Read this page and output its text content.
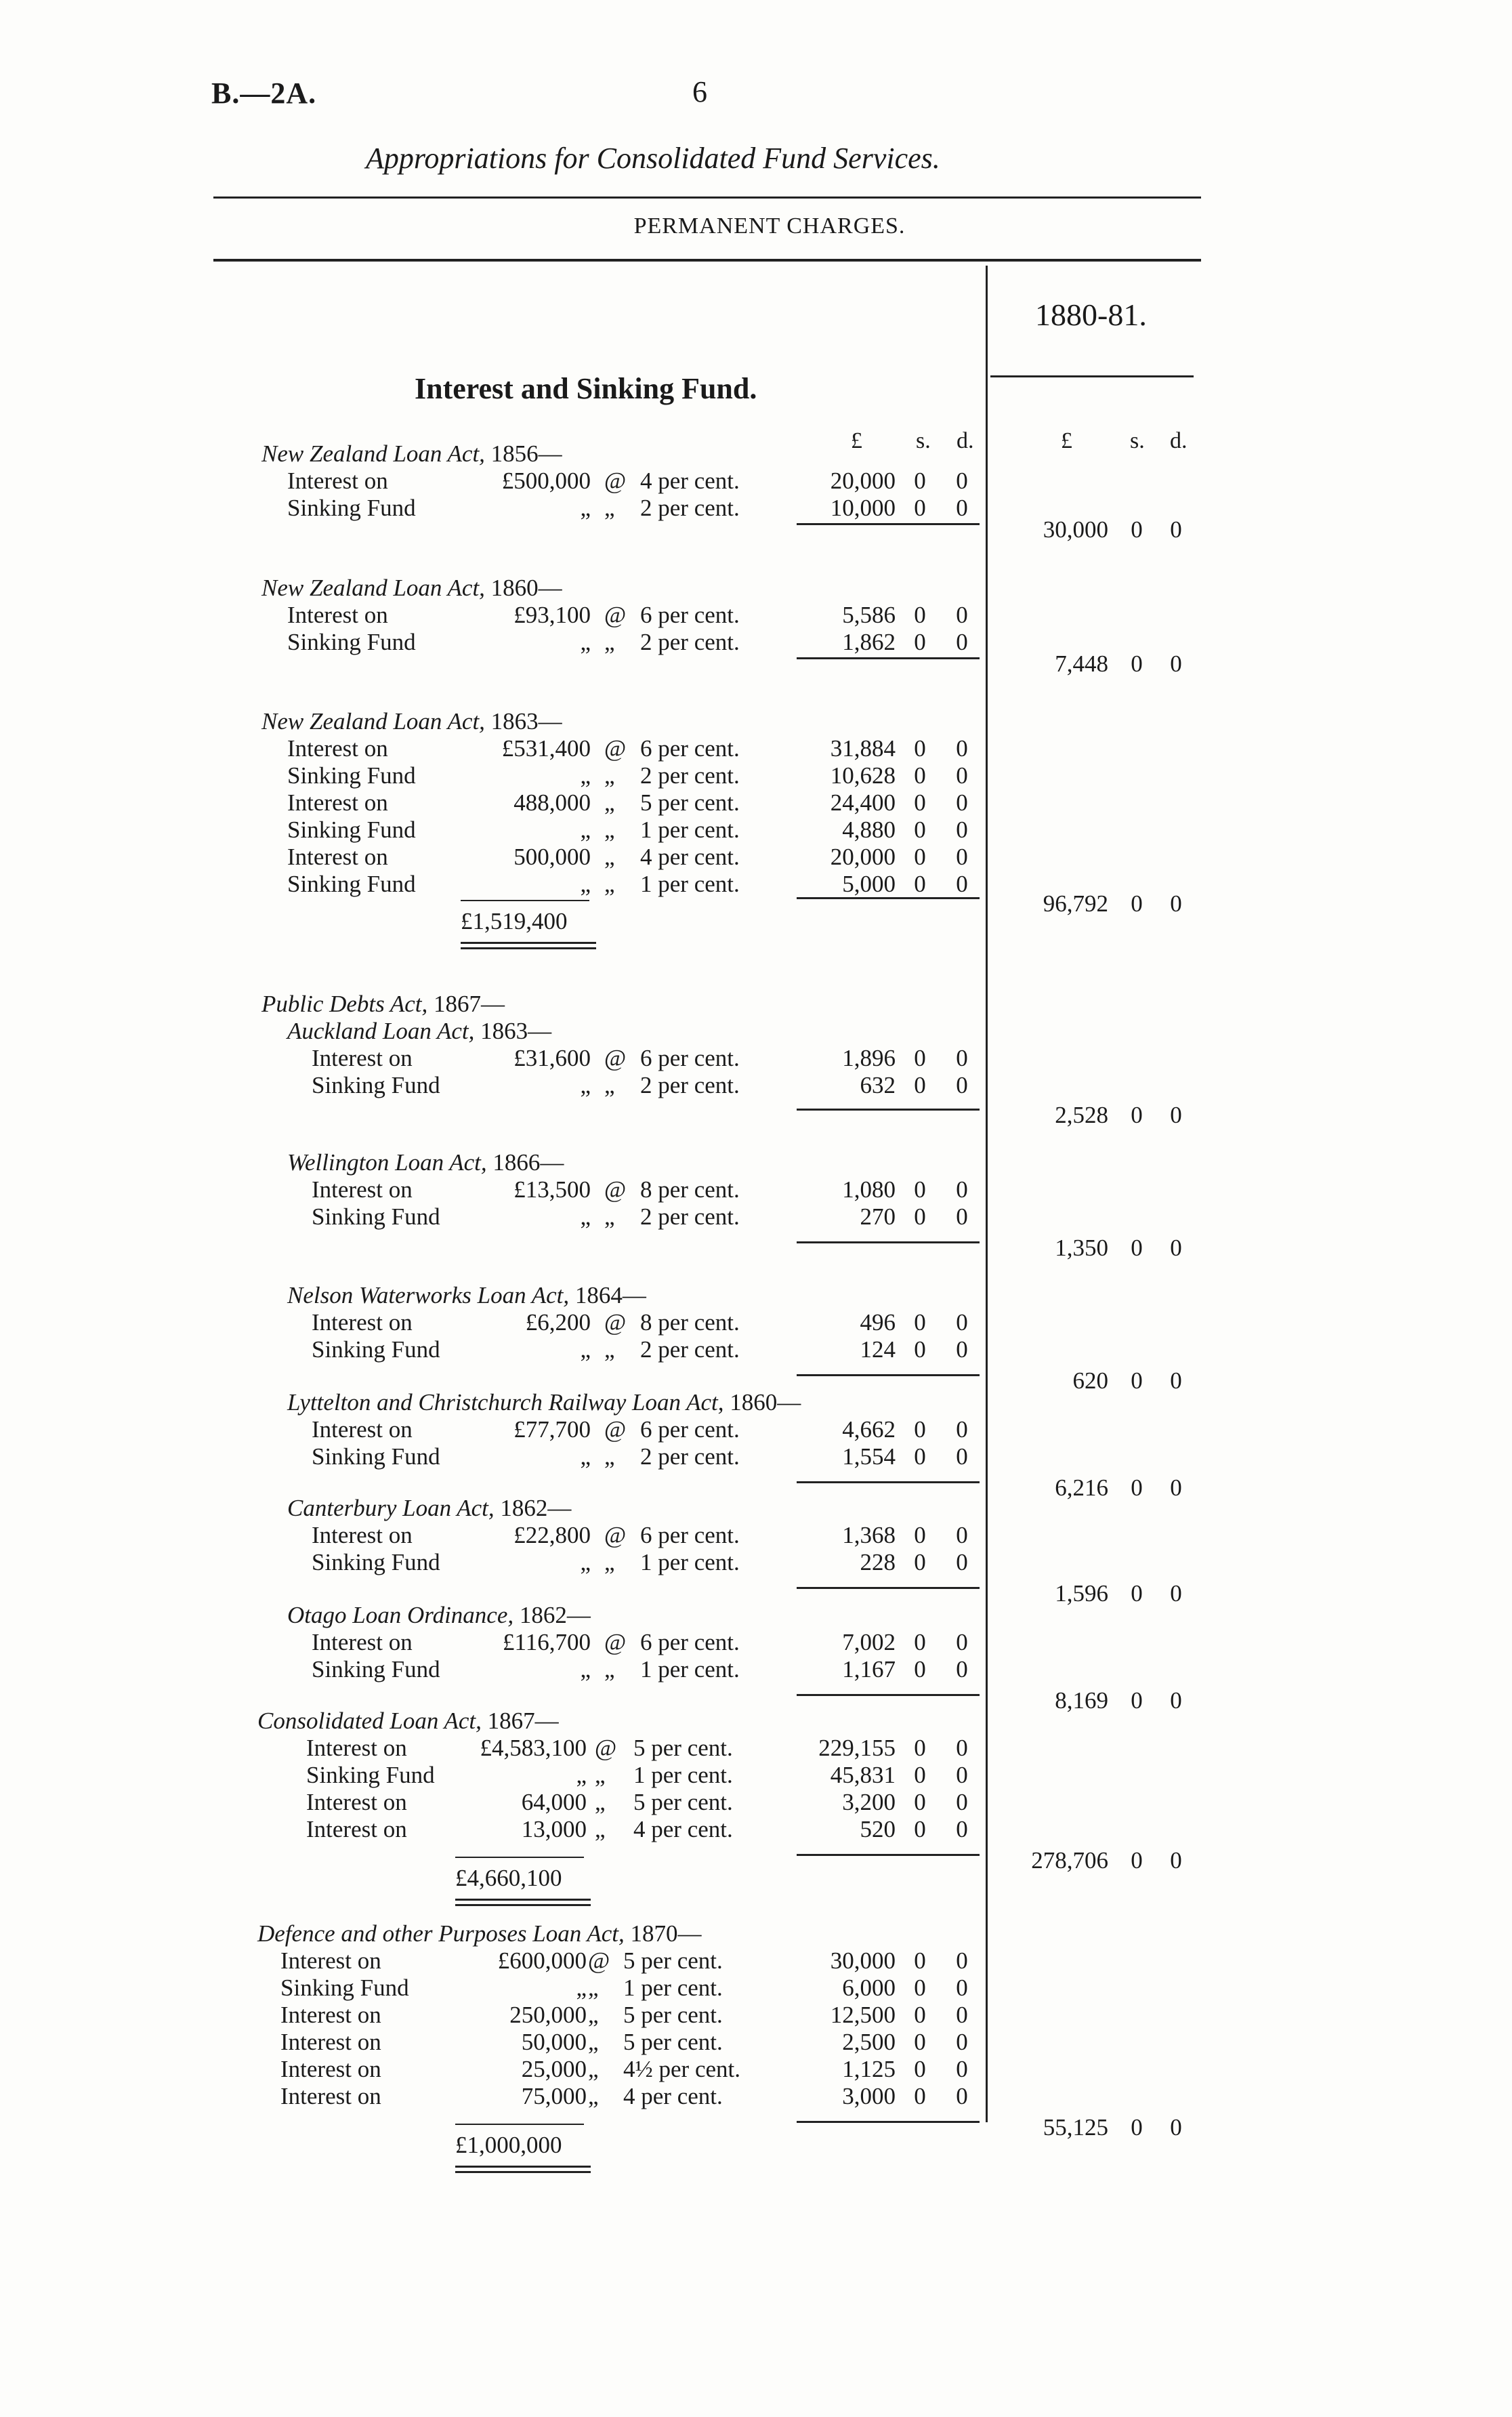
B.—2A.	6
Appropriations for Consolidated Fund Services.
PERMANENT CHARGES.
1880-81.
Interest and Sinking Fund.
£ s. d.	£	s. d.
New Zealand Loan Act, 1856—
Interest on	£500,000 @ 4 per cent.	20,000 0 0
Sinking Fund	„ „ 2 per cent.	10,000 0 0
30,000 0 0
New Zealand Loan Act, 1860—
Interest on	£93,100 @ 6 per cent.	5,586 0 0
Sinking Fund	„ „ 2 per cent.	1,862 0 0
7,448 0 0
New Zealand Loan Act, 1863—
Interest on	£531,400 @ 6 per cent.	31,884 0 0
Sinking Fund	„ „ 2 per cent.	10,628 0 0
Interest on	488,000 „ 5 per cent.	24,400 0 0
Sinking Fund	„ „ 1 per cent.	4,880 0 0
Interest on	500,000 „ 4 per cent.	20,000 0 0
Sinking Fund	„ „ 1 per cent.	5,000 0 0
£1,519,400
96,792 0 0
Public Debts Act, 1867—
Auckland Loan Act, 1863—
Interest on	£31,600 @ 6 per cent.	1,896 0 0
Sinking Fund	„ „ 2 per cent.	632 0 0
2,528 0 0
Wellington Loan Act, 1866—
Interest on	£13,500 @ 8 per cent.	1,080 0 0
Sinking Fund	„ „ 2 per cent.	270 0 0
1,350 0 0
Nelson Waterworks Loan Act, 1864—
Interest on	£6,200 @ 8 per cent.	496 0 0
Sinking Fund	„ „ 2 per cent.	124 0 0
620 0 0
Lyttelton and Christchurch Railway Loan Act, 1860—
Interest on	£77,700 @ 6 per cent.	4,662 0 0
Sinking Fund	„ „ 2 per cent.	1,554 0 0
6,216 0 0
Canterbury Loan Act, 1862—
Interest on	£22,800 @ 6 per cent.	1,368 0 0
Sinking Fund	„ „ 1 per cent.	228 0 0
1,596 0 0
Otago Loan Ordinance, 1862—
Interest on	£116,700 @ 6 per cent.	7,002 0 0
Sinking Fund	„ „ 1 per cent.	1,167 0 0
8,169 0 0
Consolidated Loan Act, 1867—
Interest on	£4,583,100 @ 5 per cent.	229,155 0 0
Sinking Fund	„ „ 1 per cent.	45,831 0 0
Interest on	64,000 „ 5 per cent.	3,200 0 0
Interest on	13,000 „ 4 per cent.	520 0 0
£4,660,100
278,706 0 0
Defence and other Purposes Loan Act, 1870—
Interest on	£600,000 @ 5 per cent.	30,000 0 0
Sinking Fund	„ „ 1 per cent.	6,000 0 0
Interest on	250,000 „ 5 per cent.	12,500 0 0
Interest on	50,000 „ 5 per cent.	2,500 0 0
Interest on	25,000 „ 4½ per cent.	1,125 0 0
Interest on	75,000 „ 4 per cent.	3,000 0 0
£1,000,000
55,125 0 0
